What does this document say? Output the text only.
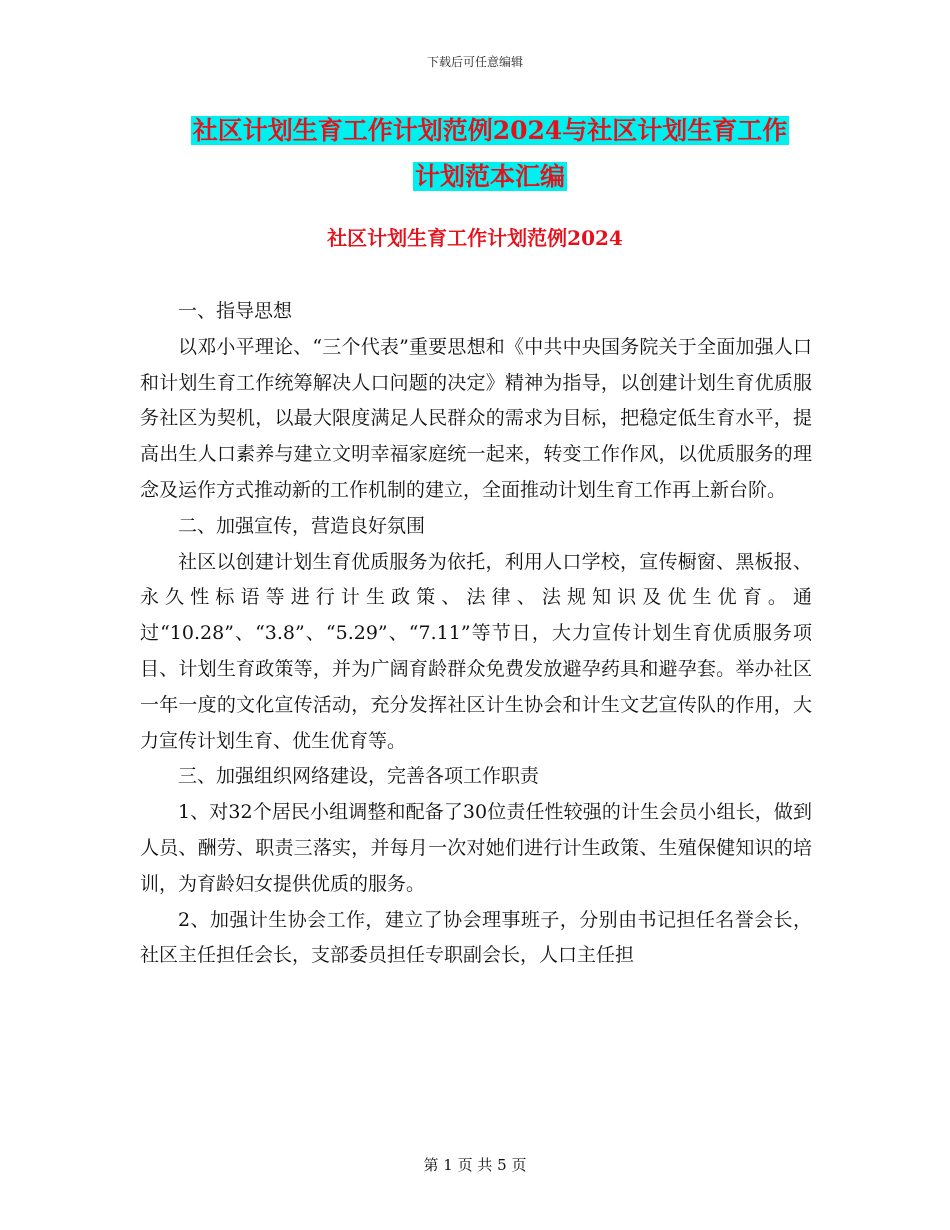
下载后可任意编辑
社区计划生育工作计划范例2024与社区计划生育工作
计划范本汇编
社区计划生育工作计划范例2024

一、指导思想

以邓小平理论、“三个代表”重要思想和《中共中央国务院关于全面加强人口和计划生育工作统筹解决人口问题的决定》精神为指导，以创建计划生育优质服务社区为契机，以最大限度满足人民群众的需求为目标，把稳定低生育水平，提高出生人口素养与建立文明幸福家庭统一起来，转变工作作风，以优质服务的理念及运作方式推动新的工作机制的建立，全面推动计划生育工作再上新台阶。

二、加强宣传，营造良好氛围

社区以创建计划生育优质服务为依托，利用人口学校，宣传橱窗、黑板报、永久性标语等进行计生政策、法律、法规知识及优生优育。通过“10.28”、“3.8”、“5.29”、“7.11”等节日，大力宣传计划生育优质服务项目、计划生育政策等，并为广阔育龄群众免费发放避孕药具和避孕套。举办社区一年一度的文化宣传活动，充分发挥社区计生协会和计生文艺宣传队的作用，大力宣传计划生育、优生优育等。

三、加强组织网络建设，完善各项工作职责

1、对32个居民小组调整和配备了30位责任性较强的计生会员小组长，做到人员、酬劳、职责三落实，并每月一次对她们进行计生政策、生殖保健知识的培训，为育龄妇女提供优质的服务。

2、加强计生协会工作，建立了协会理事班子，分别由书记担任名誉会长，社区主任担任会长，支部委员担任专职副会长，人口主任担

第 1 页 共 5 页
